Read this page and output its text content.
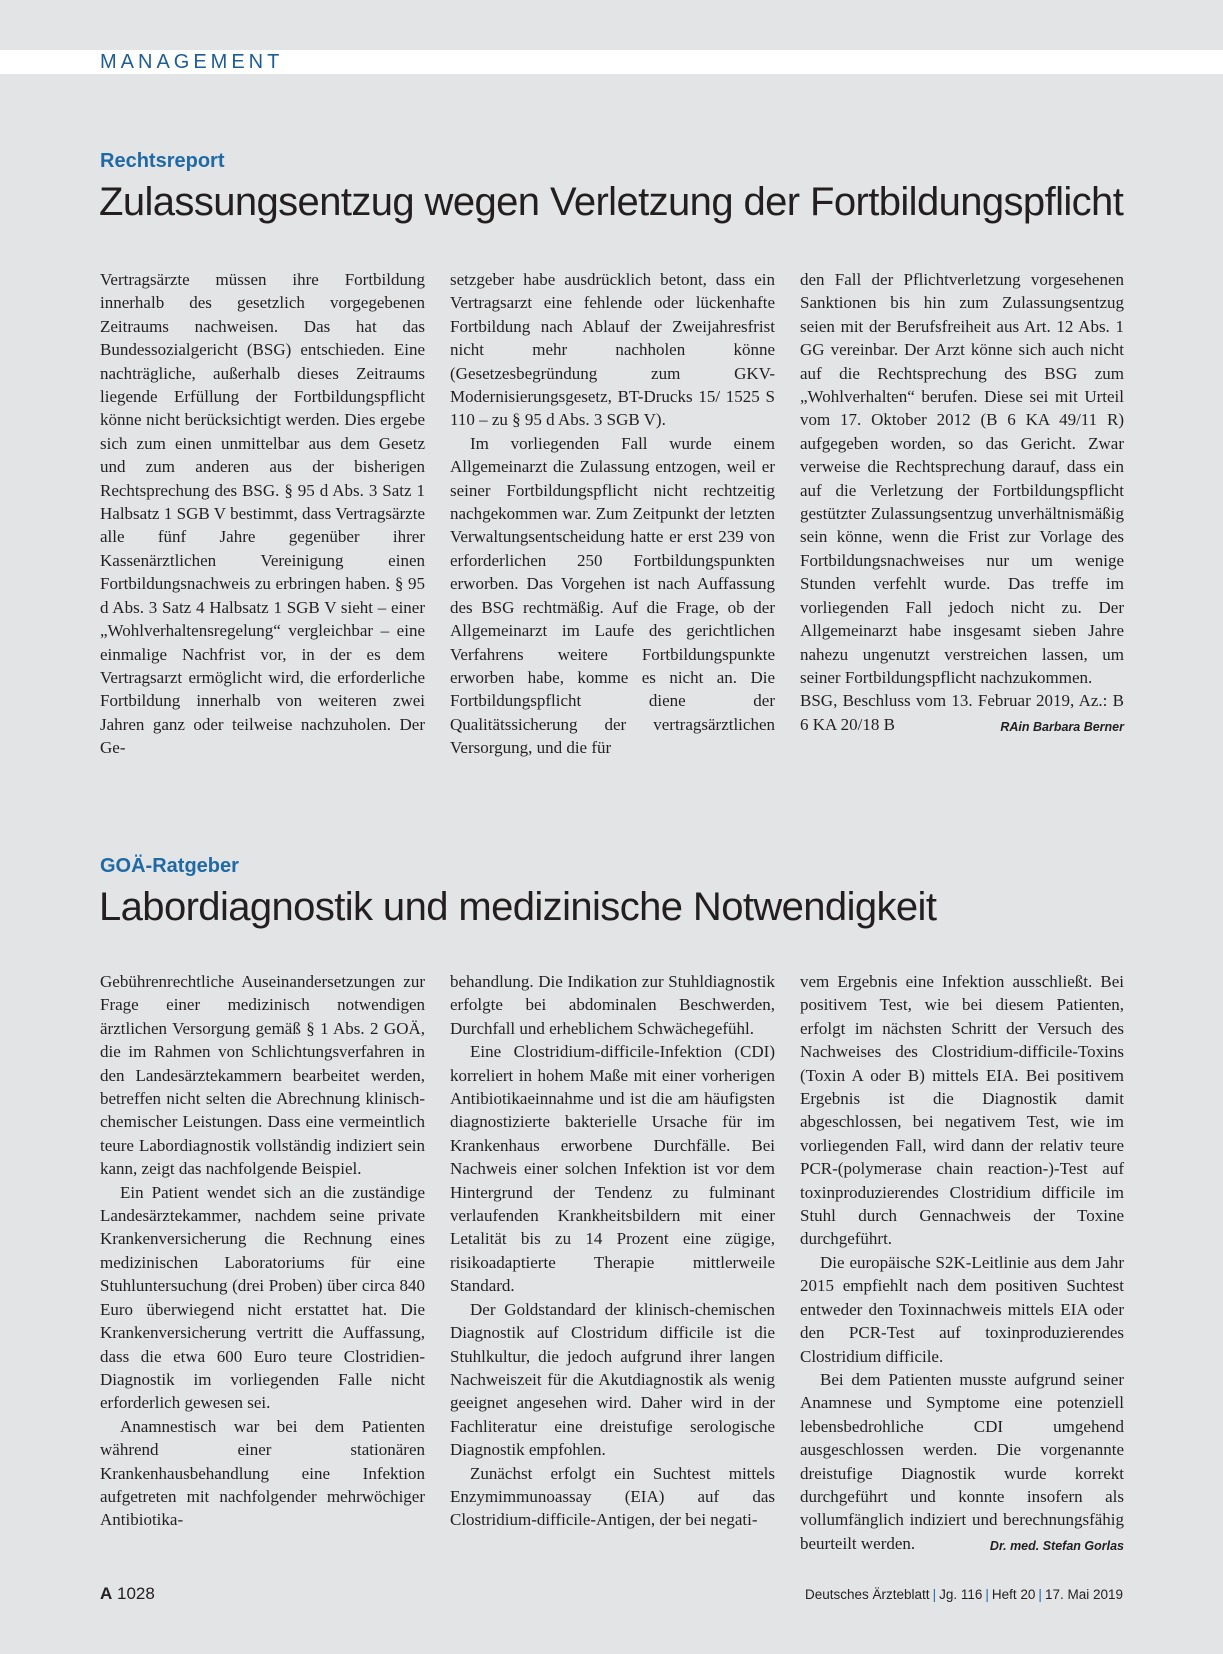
MANAGEMENT
Rechtsreport
Zulassungsentzug wegen Verletzung der Fortbildungspflicht

Vertragsärzte müssen ihre Fortbildung innerhalb des gesetzlich vorgegebenen Zeitraums nachweisen. Das hat das Bundessozialgericht (BSG) entschieden. Eine nachträgliche, außerhalb dieses Zeitraums liegende Erfüllung der Fortbildungspflicht könne nicht berücksichtigt werden. Dies ergebe sich zum einen unmittelbar aus dem Gesetz und zum anderen aus der bisherigen Rechtsprechung des BSG. § 95 d Abs. 3 Satz 1 Halbsatz 1 SGB V bestimmt, dass Vertragsärzte alle fünf Jahre gegenüber ihrer Kassenärztlichen Vereinigung einen Fortbildungsnachweis zu erbringen haben. § 95 d Abs. 3 Satz 4 Halbsatz 1 SGB V sieht – einer „Wohlverhaltensregelung“ vergleichbar – eine einmalige Nachfrist vor, in der es dem Vertragsarzt ermöglicht wird, die erforderliche Fortbildung innerhalb von weiteren zwei Jahren ganz oder teilweise nachzuholen. Der Ge-

setzgeber habe ausdrücklich betont, dass ein Vertragsarzt eine fehlende oder lückenhafte Fortbildung nach Ablauf der Zweijahresfrist nicht mehr nachholen könne (Gesetzesbegründung zum GKV-Modernisierungsgesetz, BT-Drucks 15/ 1525 S 110 – zu § 95 d Abs. 3 SGB V).

Im vorliegenden Fall wurde einem Allgemeinarzt die Zulassung entzogen, weil er seiner Fortbildungspflicht nicht rechtzeitig nachgekommen war. Zum Zeitpunkt der letzten Verwaltungsentscheidung hatte er erst 239 von erforderlichen 250 Fortbildungspunkten erworben. Das Vorgehen ist nach Auffassung des BSG rechtmäßig. Auf die Frage, ob der Allgemeinarzt im Laufe des gerichtlichen Verfahrens weitere Fortbildungspunkte erworben habe, komme es nicht an. Die Fortbildungspflicht diene der Qualitätssicherung der vertragsärztlichen Versorgung, und die für

den Fall der Pflichtverletzung vorgesehenen Sanktionen bis hin zum Zulassungsentzug seien mit der Berufsfreiheit aus Art. 12 Abs. 1 GG vereinbar. Der Arzt könne sich auch nicht auf die Rechtsprechung des BSG zum „Wohlverhalten“ berufen. Diese sei mit Urteil vom 17. Oktober 2012 (B 6 KA 49/11 R) aufgegeben worden, so das Gericht. Zwar verweise die Rechtsprechung darauf, dass ein auf die Verletzung der Fortbildungspflicht gestützter Zulassungsentzug unverhältnismäßig sein könne, wenn die Frist zur Vorlage des Fortbildungsnachweises nur um wenige Stunden verfehlt wurde. Das treffe im vorliegenden Fall jedoch nicht zu. Der Allgemeinarzt habe insgesamt sieben Jahre nahezu ungenutzt verstreichen lassen, um seiner Fortbildungspflicht nachzukommen.

BSG, Beschluss vom 13. Februar 2019, Az.: B 6 KA 20/18 B	RAin Barbara Berner

GOÄ-Ratgeber
Labordiagnostik und medizinische Notwendigkeit

Gebührenrechtliche Auseinandersetzungen zur Frage einer medizinisch notwendigen ärztlichen Versorgung gemäß § 1 Abs. 2 GOÄ, die im Rahmen von Schlichtungsverfahren in den Landesärztekammern bearbeitet werden, betreffen nicht selten die Abrechnung klinisch-chemischer Leistungen. Dass eine vermeintlich teure Labordiagnostik vollständig indiziert sein kann, zeigt das nachfolgende Beispiel.

Ein Patient wendet sich an die zuständige Landesärztekammer, nachdem seine private Krankenversicherung die Rechnung eines medizinischen Laboratoriums für eine Stuhluntersuchung (drei Proben) über circa 840 Euro überwiegend nicht erstattet hat. Die Krankenversicherung vertritt die Auffassung, dass die etwa 600 Euro teure Clostridien-Diagnostik im vorliegenden Falle nicht erforderlich gewesen sei.

Anamnestisch war bei dem Patienten während einer stationären Krankenhausbehandlung eine Infektion aufgetreten mit nachfolgender mehrwöchiger Antibiotika-

behandlung. Die Indikation zur Stuhldiagnostik erfolgte bei abdominalen Beschwerden, Durchfall und erheblichem Schwächegefühl.

Eine Clostridium-difficile-Infektion (CDI) korreliert in hohem Maße mit einer vorherigen Antibiotikaeinnahme und ist die am häufigsten diagnostizierte bakterielle Ursache für im Krankenhaus erworbene Durchfälle. Bei Nachweis einer solchen Infektion ist vor dem Hintergrund der Tendenz zu fulminant verlaufenden Krankheitsbildern mit einer Letalität bis zu 14 Prozent eine zügige, risikoadaptierte Therapie mittlerweile Standard.

Der Goldstandard der klinisch-chemischen Diagnostik auf Clostridum difficile ist die Stuhlkultur, die jedoch aufgrund ihrer langen Nachweiszeit für die Akutdiagnostik als wenig geeignet angesehen wird. Daher wird in der Fachliteratur eine dreistufige serologische Diagnostik empfohlen.

Zunächst erfolgt ein Suchtest mittels Enzymimmunoassay (EIA) auf das Clostridium-difficile-Antigen, der bei negati-

vem Ergebnis eine Infektion ausschließt. Bei positivem Test, wie bei diesem Patienten, erfolgt im nächsten Schritt der Versuch des Nachweises des Clostridium-difficile-Toxins (Toxin A oder B) mittels EIA. Bei positivem Ergebnis ist die Diagnostik damit abgeschlossen, bei negativem Test, wie im vorliegenden Fall, wird dann der relativ teure PCR-(polymerase chain reaction-)-Test auf toxinproduzierendes Clostridium difficile im Stuhl durch Gennachweis der Toxine durchgeführt.

Die europäische S2K-Leitlinie aus dem Jahr 2015 empfiehlt nach dem positiven Suchtest entweder den Toxinnachweis mittels EIA oder den PCR-Test auf toxinproduzierendes Clostridium difficile.

Bei dem Patienten musste aufgrund seiner Anamnese und Symptome eine potenziell lebensbedrohliche CDI umgehend ausgeschlossen werden. Die vorgenannte dreistufige Diagnostik wurde korrekt durchgeführt und konnte insofern als vollumfänglich indiziert und berechnungsfähig beurteilt werden.	Dr. med. Stefan Gorlas

A 1028	Deutsches Ärzteblatt | Jg. 116 | Heft 20 | 17. Mai 2019
